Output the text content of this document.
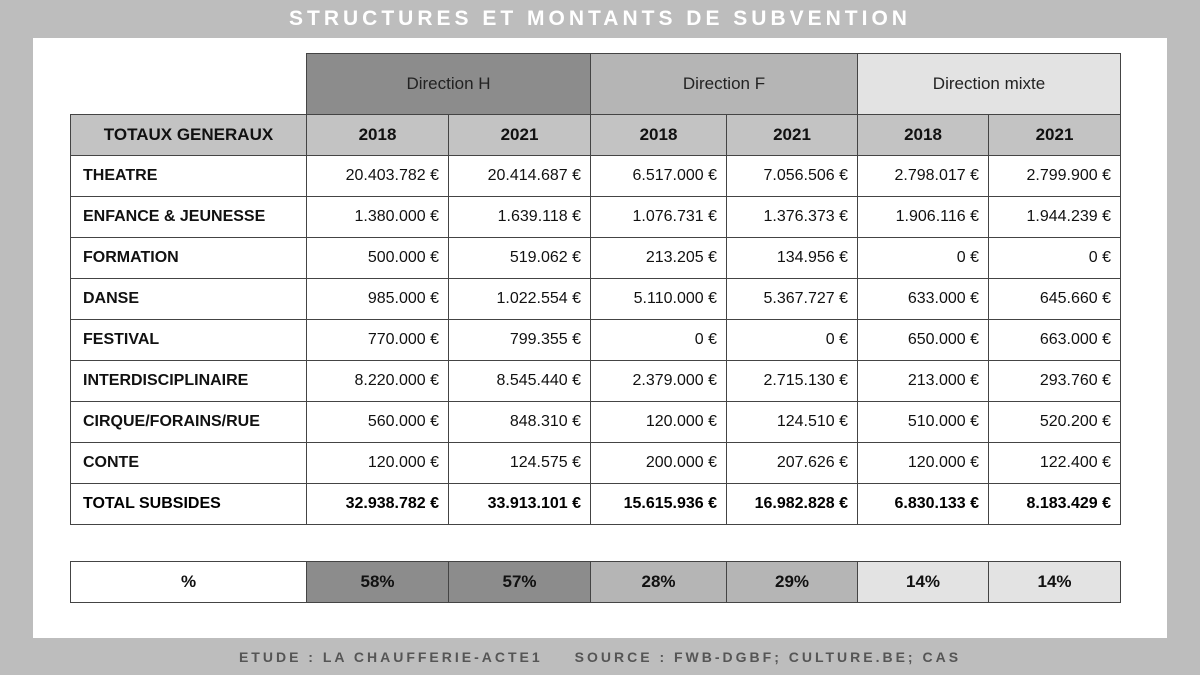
STRUCTURES ET MONTANTS DE SUBVENTION
	Direction H		Direction F		Direction mixte	
TOTAUX GENERAUX	2018	2021	2018	2021	2018	2021
THEATRE	20.403.782 €	20.414.687 €	6.517.000 €	7.056.506 €	2.798.017 €	2.799.900 €
ENFANCE & JEUNESSE	1.380.000 €	1.639.118 €	1.076.731 €	1.376.373 €	1.906.116 €	1.944.239 €
FORMATION	500.000 €	519.062 €	213.205 €	134.956 €	0 €	0 €
DANSE	985.000 €	1.022.554 €	5.110.000 €	5.367.727 €	633.000 €	645.660 €
FESTIVAL	770.000 €	799.355 €	0 €	0 €	650.000 €	663.000 €
INTERDISCIPLINAIRE	8.220.000 €	8.545.440 €	2.379.000 €	2.715.130 €	213.000 €	293.760 €
CIRQUE/FORAINS/RUE	560.000 €	848.310 €	120.000 €	124.510 €	510.000 €	520.200 €
CONTE	120.000 €	124.575 €	200.000 €	207.626 €	120.000 €	122.400 €
TOTAL SUBSIDES	32.938.782 €	33.913.101 €	15.615.936 €	16.982.828 €	6.830.133 €	8.183.429 €
%	58%	57%	28%	29%	14%	14%
ETUDE : LA CHAUFFERIE-ACTE1 SOURCE : FWB-DGBF; CULTURE.BE; CAS
